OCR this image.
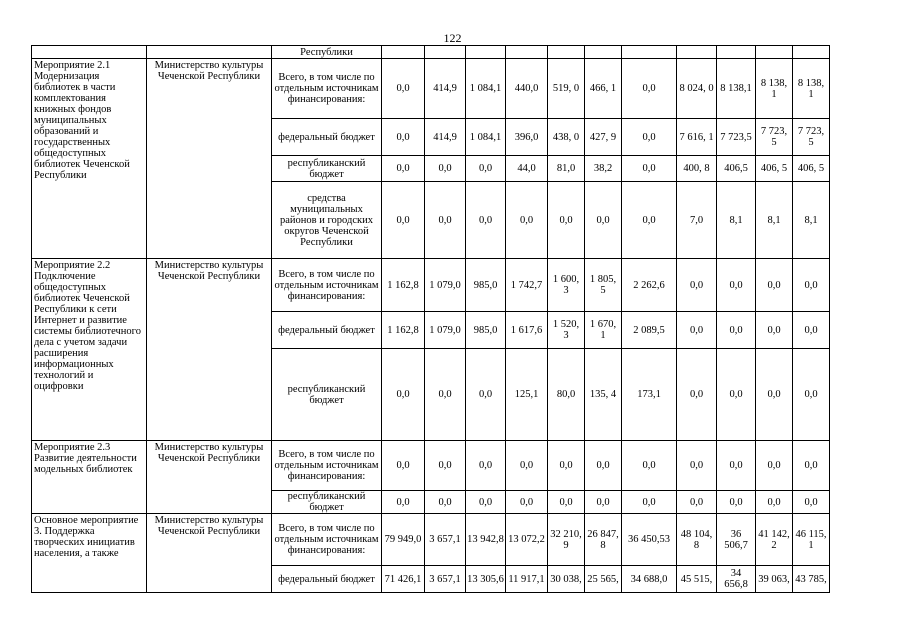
122
		Республики											
Мероприятие 2.1 Модернизация библиотек в части комплектования книжных фондов муниципальных образований и государственных общедоступных библиотек Чеченской Республики	Министерство культуры Чеченской Республики	Всего, в том числе по отдельным источникам финансирования:	0,0	414,9	1 084,1	440,0	519, 0	466, 1	0,0	8 024, 0	8 138,1	8 138, 1	8 138, 1
		федеральный бюджет	0,0	414,9	1 084,1	396,0	438, 0	427, 9	0,0	7 616, 1	7 723,5	7 723, 5	7 723, 5
		республиканский бюджет	0,0	0,0	0,0	44,0	81,0	38,2	0,0	400, 8	406,5	406, 5	406, 5
		средства муниципальных районов и городских округов Чеченской Республики	0,0	0,0	0,0	0,0	0,0	0,0	0,0	7,0	8,1	8,1	8,1
Мероприятие 2.2 Подключение общедоступных библиотек Чеченской Республики к сети Интернет и развитие системы библиотечного дела с учетом задачи расширения информационных технологий и оцифровки	Министерство культуры Чеченской Республики	Всего, в том числе по отдельным источникам финансирования:	1 162,8	1 079,0	985,0	1 742,7	1 600, 3	1 805, 5	2 262,6	0,0	0,0	0,0	0,0
		федеральный бюджет	1 162,8	1 079,0	985,0	1 617,6	1 520, 3	1 670, 1	2 089,5	0,0	0,0	0,0	0,0
		республиканский бюджет	0,0	0,0	0,0	125,1	80,0	135, 4	173,1	0,0	0,0	0,0	0,0
Мероприятие 2.3 Развитие деятельности модельных библиотек	Министерство культуры Чеченской Республики	Всего, в том числе по отдельным источникам финансирования:	0,0	0,0	0,0	0,0	0,0	0,0	0,0	0,0	0,0	0,0	0,0
		республиканский бюджет	0,0	0,0	0,0	0,0	0,0	0,0	0,0	0,0	0,0	0,0	0,0
Основное мероприятие 3. Поддержка творческих инициатив населения, а также	Министерство культуры Чеченской Республики	Всего, в том числе по отдельным источникам финансирования:	79 949,0	3 657,1	13 942,8	13 072,2	32 210, 9	26 847, 8	36 450,53	48 104, 8	36 506,7	41 142, 2	46 115, 1
		федеральный бюджет	71 426,1	3 657,1	13 305,6	11 917,1	30 038,	25 565,	34 688,0	45 515,	34 656,8	39 063,	43 785,
